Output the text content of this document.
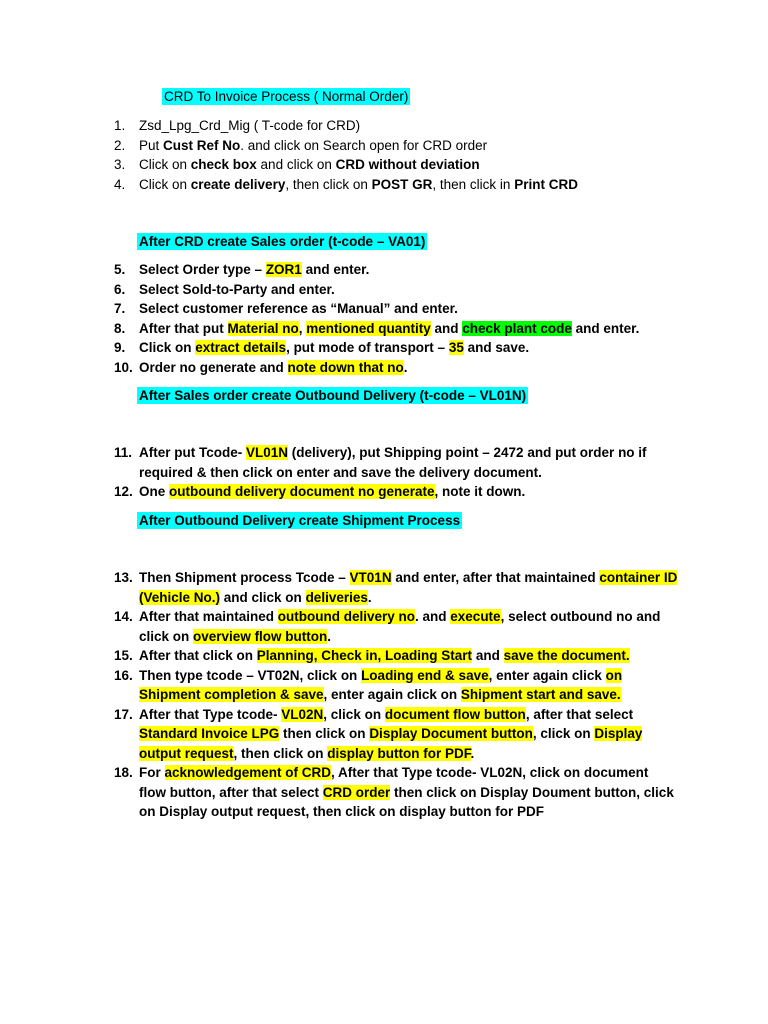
CRD To Invoice Process ( Normal Order)
1. Zsd_Lpg_Crd_Mig ( T-code for CRD)
2. Put Cust Ref No. and click on Search open for CRD order
3. Click on check box and click on CRD without deviation
4. Click on create delivery, then click on POST GR, then click in Print CRD
After CRD create Sales order (t-code – VA01)
5. Select Order type – ZOR1 and enter.
6. Select Sold-to-Party and enter.
7. Select customer reference as “Manual” and enter.
8. After that put Material no, mentioned quantity and check plant code and enter.
9. Click on extract details, put mode of transport – 35 and save.
10. Order no generate and note down that no.
After Sales order create Outbound Delivery (t-code – VL01N)
11. After put Tcode- VL01N (delivery), put Shipping point – 2472 and put order no if required & then click on enter and save the delivery document.
12. One outbound delivery document no generate, note it down.
After Outbound Delivery create Shipment Process
13. Then Shipment process Tcode – VT01N and enter, after that maintained container ID (Vehicle No.) and click on deliveries.
14. After that maintained outbound delivery no. and execute, select outbound no and click on overview flow button.
15. After that click on Planning, Check in, Loading Start and save the document.
16. Then type tcode – VT02N, click on Loading end & save, enter again click on Shipment completion & save, enter again click on Shipment start and save.
17. After that Type tcode- VL02N, click on document flow button, after that select Standard Invoice LPG then click on Display Document button, click on Display output request, then click on display button for PDF.
18. For acknowledgement of CRD, After that Type tcode- VL02N, click on document flow button, after that select CRD order then click on Display Doument button, click on Display output request, then click on display button for PDF
